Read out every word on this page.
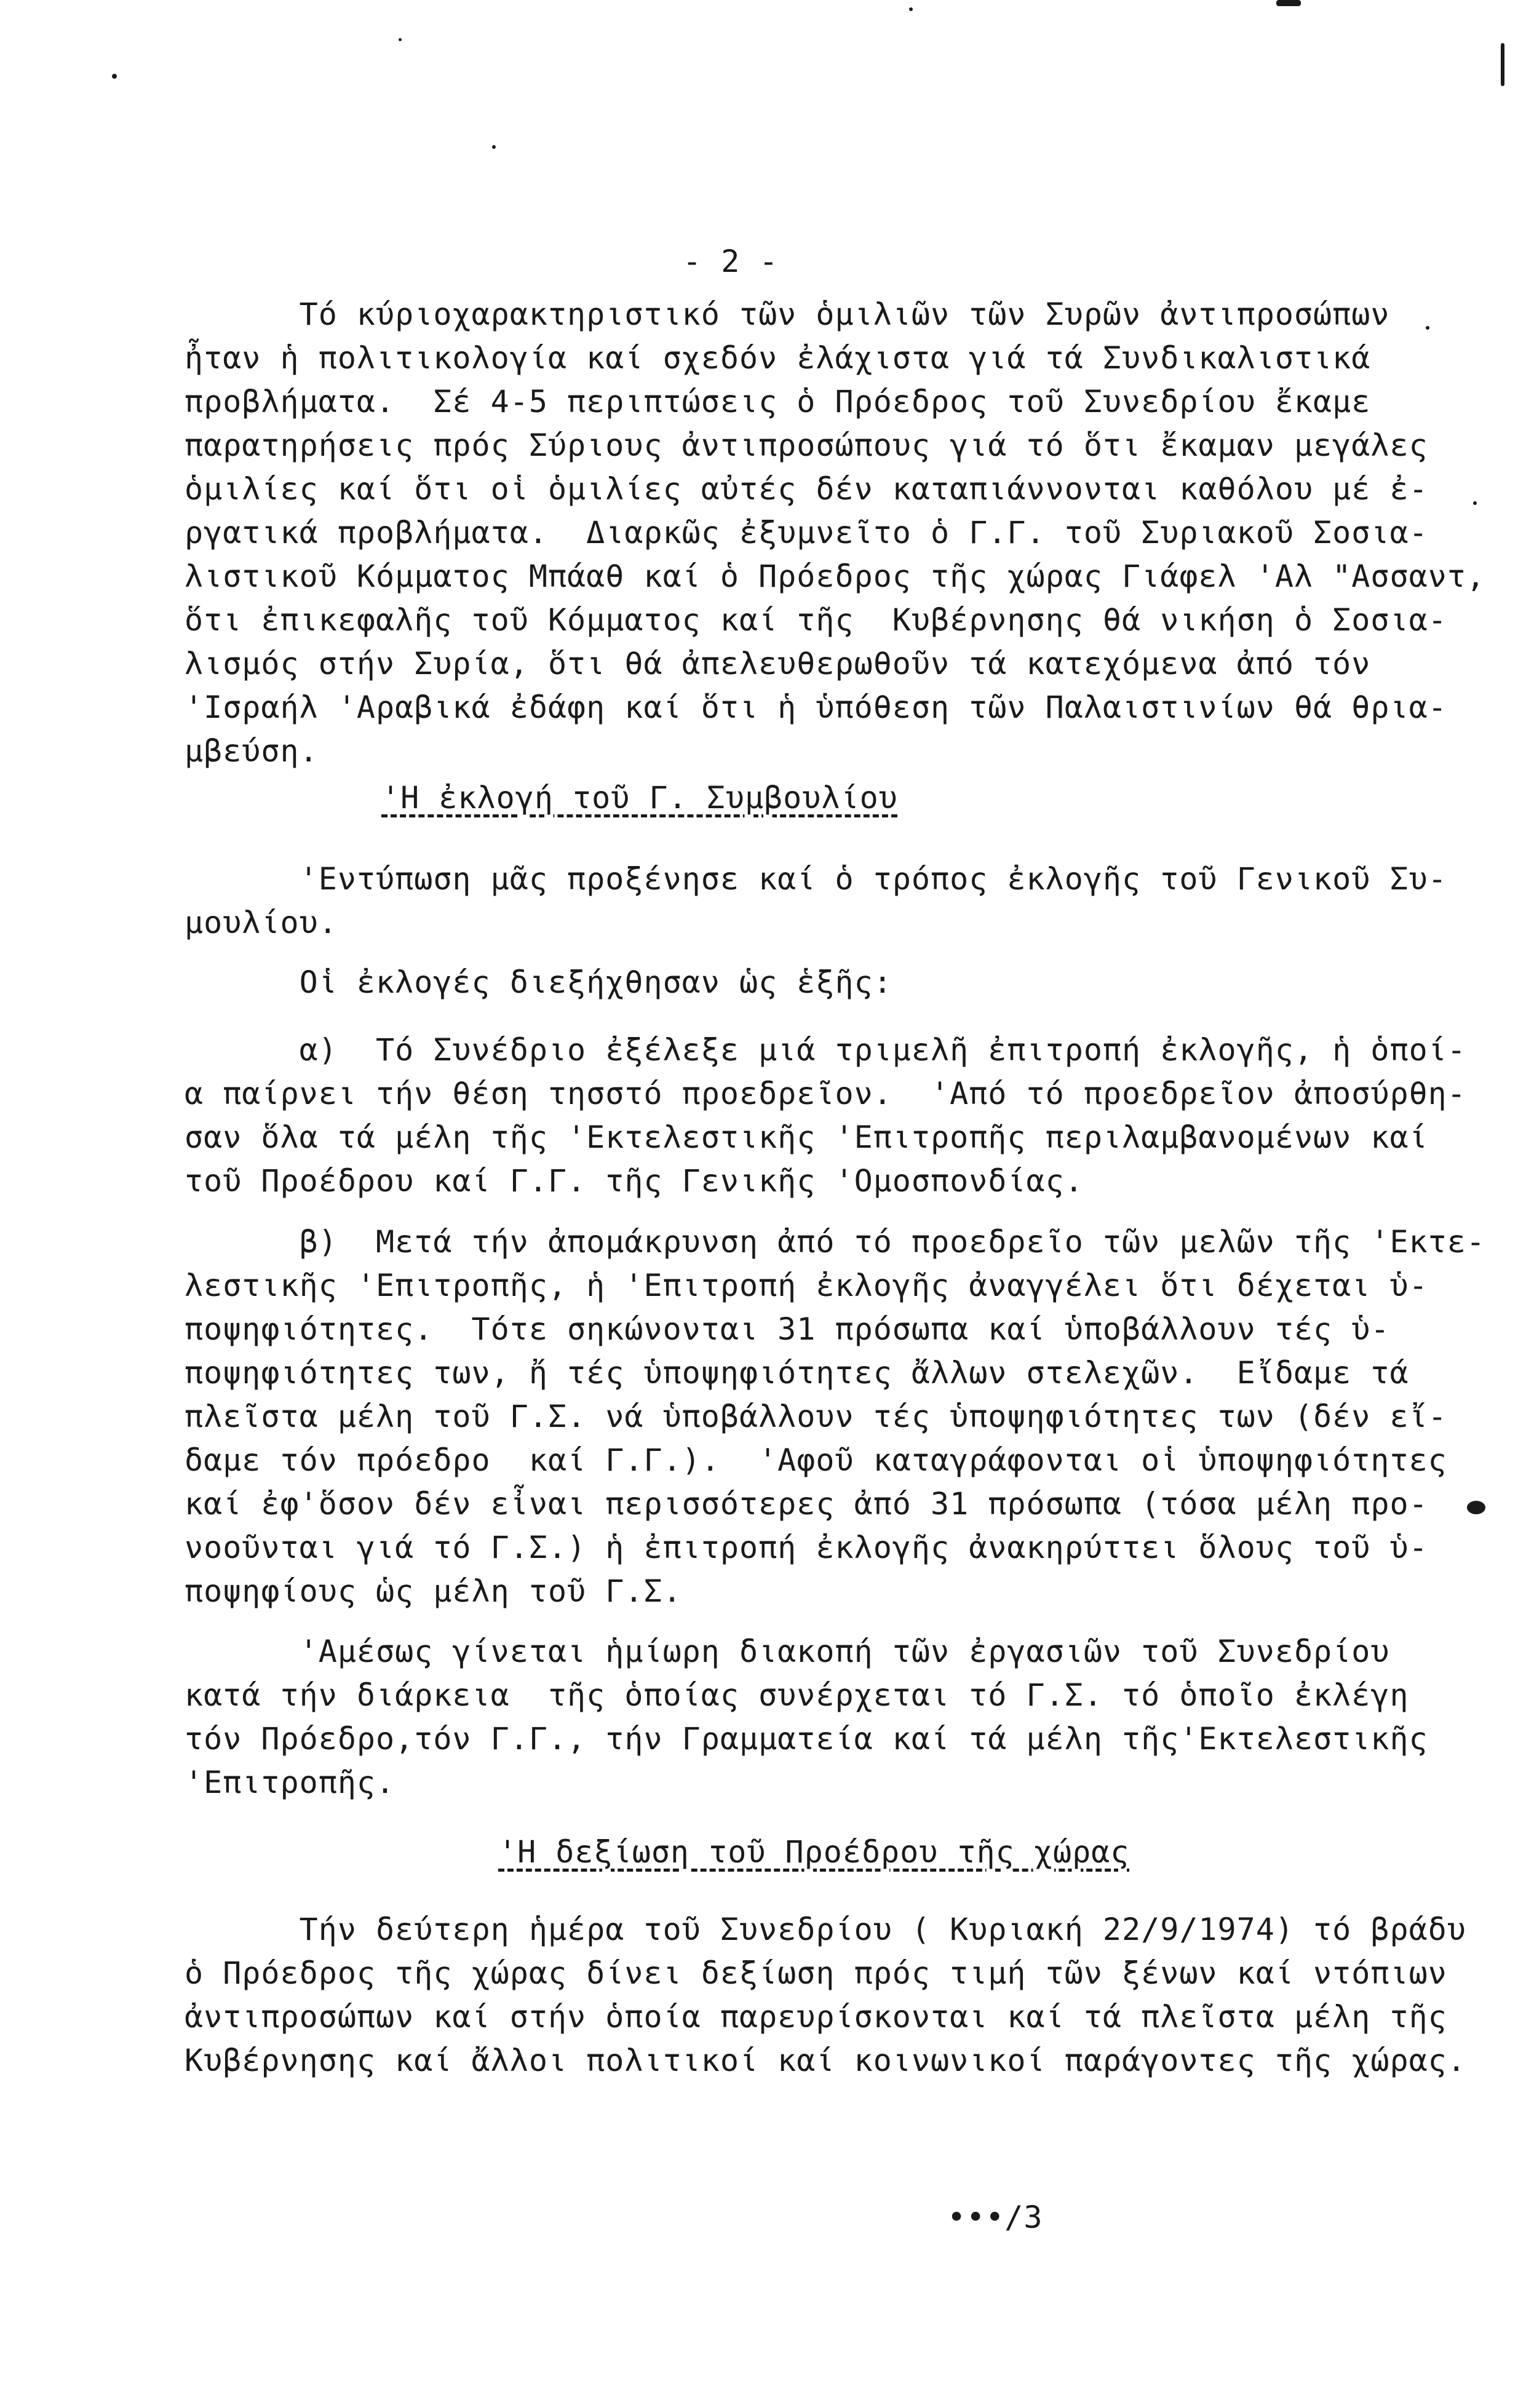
- 2 -
Τό κύριοχαρακτηριστικό τῶν ὁμιλιῶν τῶν Συρῶν ἀντιπροσώπων
ἦταν ἡ πολιτικολογία καί σχεδόν ἐλάχιστα γιά τά Συνδικαλιστικά
προβλήματα.  Σέ 4-5 περιπτώσεις ὁ Πρόεδρος τοῦ Συνεδρίου ἔκαμε
παρατηρήσεις πρός Σύριους ἀντιπροσώπους γιά τό ὅτι ἔκαμαν μεγάλες
ὁμιλίες καί ὅτι οἱ ὁμιλίες αὐτές δέν καταπιάννονται καθόλου μέ ἐ-
ργατικά προβλήματα.  Διαρκῶς ἐξυμνεῖτο ὁ Γ.Γ. τοῦ Συριακοῦ Σοσια-
λιστικοῦ Κόμματος Μπάαθ καί ὁ Πρόεδρος τῆς χώρας Γιάφελ 'Αλ "Ασσαντ,
ὅτι ἐπικεφαλῆς τοῦ Κόμματος καί τῆς  Κυβέρνησης θά νικήση ὁ Σοσια-
λισμός στήν Συρία, ὅτι θά ἀπελευθερωθοῦν τά κατεχόμενα ἀπό τόν
'Ισραήλ 'Αραβικά ἐδάφη καί ὅτι ἡ ὑπόθεση τῶν Παλαιστινίων θά θρια-
μβεύση.
'Η ἐκλογή τοῦ Γ. Συμβουλίου
'Εντύπωση μᾶς προξένησε καί ὁ τρόπος ἐκλογῆς τοῦ Γενικοῦ Συ-
μουλίου.
Οἱ ἐκλογές διεξήχθησαν ὡς ἑξῆς:
α)  Τό Συνέδριο ἐξέλεξε μιά τριμελῆ ἐπιτροπή ἐκλογῆς, ἡ ὁποί-
α παίρνει τήν θέση τησστό προεδρεῖον.  'Από τό προεδρεῖον ἀποσύρθη-
σαν ὅλα τά μέλη τῆς 'Εκτελεστικῆς 'Επιτροπῆς περιλαμβανομένων καί
τοῦ Προέδρου καί Γ.Γ. τῆς Γενικῆς 'Ομοσπονδίας.
β)  Μετά τήν ἀπομάκρυνση ἀπό τό προεδρεῖο τῶν μελῶν τῆς 'Εκτε-
λεστικῆς 'Επιτροπῆς, ἡ 'Επιτροπή ἐκλογῆς ἀναγγέλει ὅτι δέχεται ὑ-
ποψηφιότητες.  Τότε σηκώνονται 31 πρόσωπα καί ὑποβάλλουν τές ὑ-
ποψηφιότητες των, ἤ τές ὑποψηφιότητες ἄλλων στελεχῶν.  Εἴδαμε τά
πλεῖστα μέλη τοῦ Γ.Σ. νά ὑποβάλλουν τές ὑποψηφιότητες των (δέν εἴ-
δαμε τόν πρόεδρο  καί Γ.Γ.).  'Αφοῦ καταγράφονται οἱ ὑποψηφιότητες
καί ἐφ'ὅσον δέν εἶναι περισσότερες ἀπό 31 πρόσωπα (τόσα μέλη προ-
νοοῦνται γιά τό Γ.Σ.) ἡ ἐπιτροπή ἐκλογῆς ἀνακηρύττει ὅλους τοῦ ὑ-
ποψηφίους ὡς μέλη τοῦ Γ.Σ.
'Αμέσως γίνεται ἡμίωρη διακοπή τῶν ἐργασιῶν τοῦ Συνεδρίου
κατά τήν διάρκεια  τῆς ὁποίας συνέρχεται τό Γ.Σ. τό ὁποῖο ἐκλέγη
τόν Πρόεδρο,τόν Γ.Γ., τήν Γραμματεία καί τά μέλη τῆς'Εκτελεστικῆς
'Επιτροπῆς.
'Η δεξίωση τοῦ Προέδρου τῆς χώρας
Τήν δεύτερη ἡμέρα τοῦ Συνεδρίου ( Κυριακή 22/9/1974) τό βράδυ
ὁ Πρόεδρος τῆς χώρας δίνει δεξίωση πρός τιμή τῶν ξένων καί ντόπιων
ἀντιπροσώπων καί στήν ὁποία παρευρίσκονται καί τά πλεῖστα μέλη τῆς
Κυβέρνησης καί ἄλλοι πολιτικοί καί κοινωνικοί παράγοντες τῆς χώρας.
•••/3
